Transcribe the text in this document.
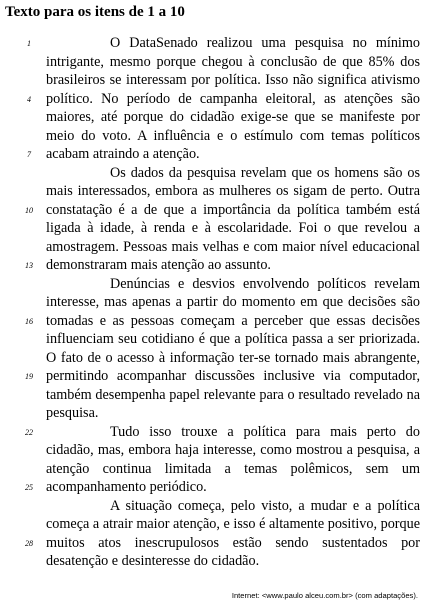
Texto para os itens de 1 a 10
1
4
7
10
13
16
19
22
25
28

O DataSenado realizou uma pesquisa no mínimo intrigante, mesmo porque chegou à conclusão de que 85% dos brasileiros se interessam por política. Isso não significa ativismo político. No período de campanha eleitoral, as atenções são maiores, até porque do cidadão exige-se que se manifeste por meio do voto. A influência e o estímulo com temas políticos acabam atraindo a atenção.

Os dados da pesquisa revelam que os homens são os mais interessados, embora as mulheres os sigam de perto. Outra constatação é a de que a importância da política também está ligada à idade, à renda e à escolaridade. Foi o que revelou a amostragem. Pessoas mais velhas e com maior nível educacional demonstraram mais atenção ao assunto.

Denúncias e desvios envolvendo políticos revelam interesse, mas apenas a partir do momento em que decisões são tomadas e as pessoas começam a perceber que essas decisões influenciam seu cotidiano é que a política passa a ser priorizada. O fato de o acesso à informação ter-se tornado mais abrangente, permitindo acompanhar discussões inclusive via computador, também desempenha papel relevante para o resultado revelado na pesquisa.

Tudo isso trouxe a política para mais perto do cidadão, mas, embora haja interesse, como mostrou a pesquisa, a atenção continua limitada a temas polêmicos, sem um acompanhamento periódico.

A situação começa, pelo visto, a mudar e a política começa a atrair maior atenção, e isso é altamente positivo, porque muitos atos inescrupulosos estão sendo sustentados por desatenção e desinteresse do cidadão.

Internet: <www.paulo alceu.com.br> (com adaptações).
